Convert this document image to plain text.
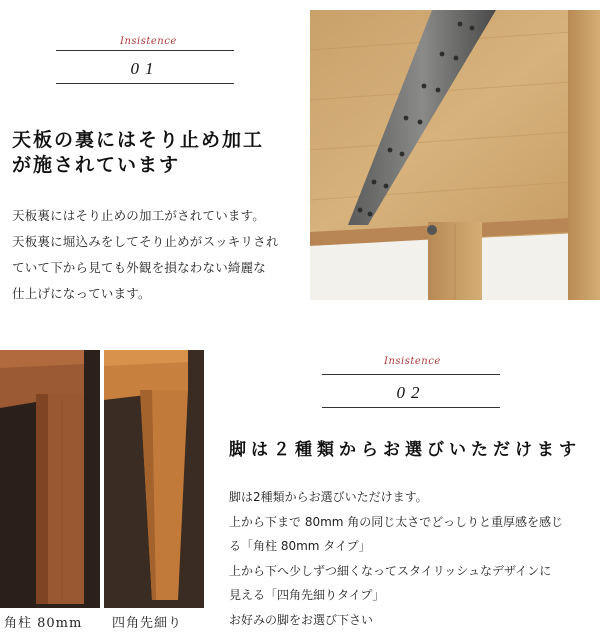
Insistence
01
天板の裏にはそり止め加工
が施されています
天板裏にはそり止めの加工がされています。
天板裏に堀込みをしてそり止めがスッキリされ
ていて下から見ても外観を損なわない綺麗な
仕上げになっています。
角柱 80mm 四角先細り
Insistence
02
脚は２種類からお選びいただけます
脚は2種類からお選びいただけます。
上から下まで 80mm 角の同じ太さでどっしりと重厚感を感じ
る「角柱 80mm タイプ」
上から下へ少しずつ細くなってスタイリッシュなデザインに
見える「四角先細りタイプ」
お好みの脚をお選び下さい
